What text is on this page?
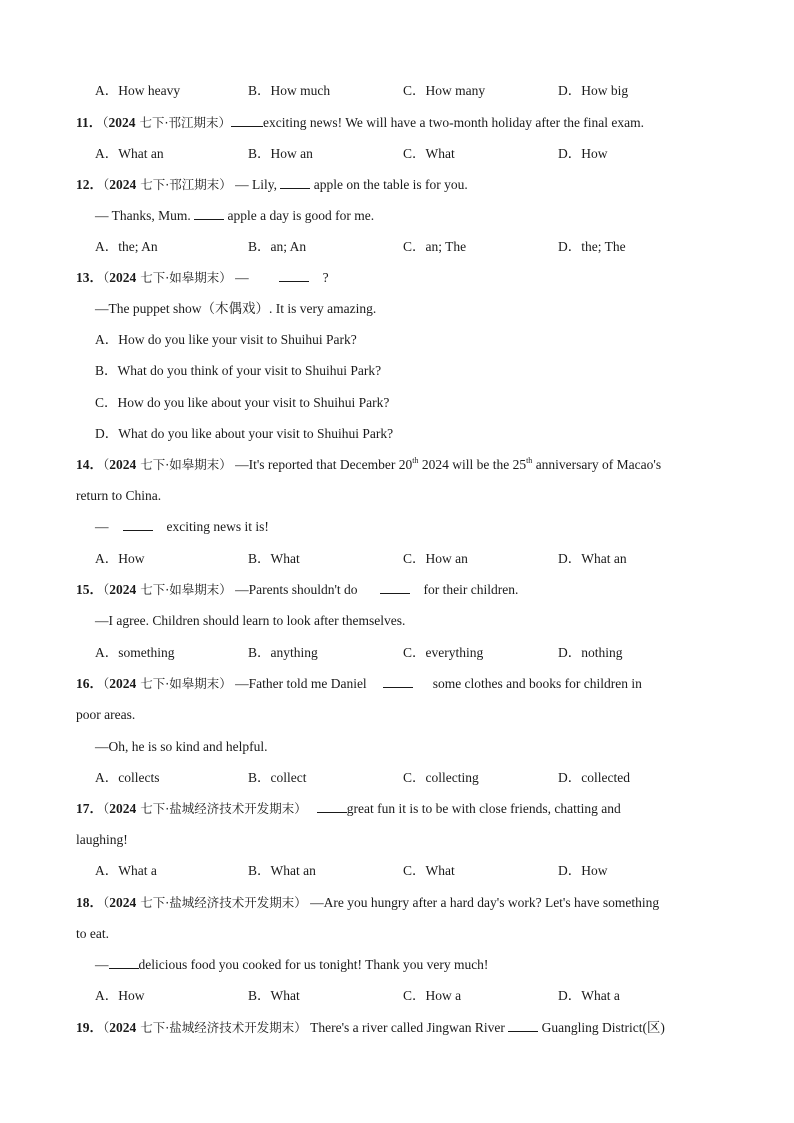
A．How heavy	B．How much	C．How many	D．How big
11．（2024 七下·邗江期末） exciting news! We will have a two-month holiday after the final exam.
A．What an	B．How an	C．What	D．How
12．（2024 七下·邗江期末） — Lily,  apple on the table is for you.
— Thanks, Mum.  apple a day is good for me.
A．the; An	B．an; An	C．an; The	D．the; The
13．（2024 七下·如皋期末） —	?
—The puppet show（木偶戏）. It is very amazing.
A．How do you like your visit to Shuihui Park?
B．What do you think of your visit to Shuihui Park?
C．How do you like about your visit to Shuihui Park?
D．What do you like about your visit to Shuihui Park?
14．（2024 七下·如皋期末） —It's reported that December 20th 2024 will be the 25th anniversary of Macao's
return to China.
—	exciting news it is!
A．How	B．What	C．How an	D．What an
15．（2024 七下·如皋期末） —Parents shouldn't do	for their children.
—I agree. Children should learn to look after themselves.
A．something	B．anything	C．everything	D．nothing
16．（2024 七下·如皋期末） —Father told me Daniel	some clothes and books for children in
poor areas.
—Oh, he is so kind and helpful.
A．collects	B．collect	C．collecting	D．collected
17．（2024 七下·盐城经济技术开发期末）	great fun it is to be with close friends, chatting and
laughing!
A．What a	B．What an	C．What	D．How
18．（2024 七下·盐城经济技术开发期末） —Are you hungry after a hard day's work? Let's have something
to eat.
— delicious food you cooked for us tonight! Thank you very much!
A．How	B．What	C．How a	D．What a
19．（2024 七下·盐城经济技术开发期末） There's a river called Jingwan River  Guangling District(区)
